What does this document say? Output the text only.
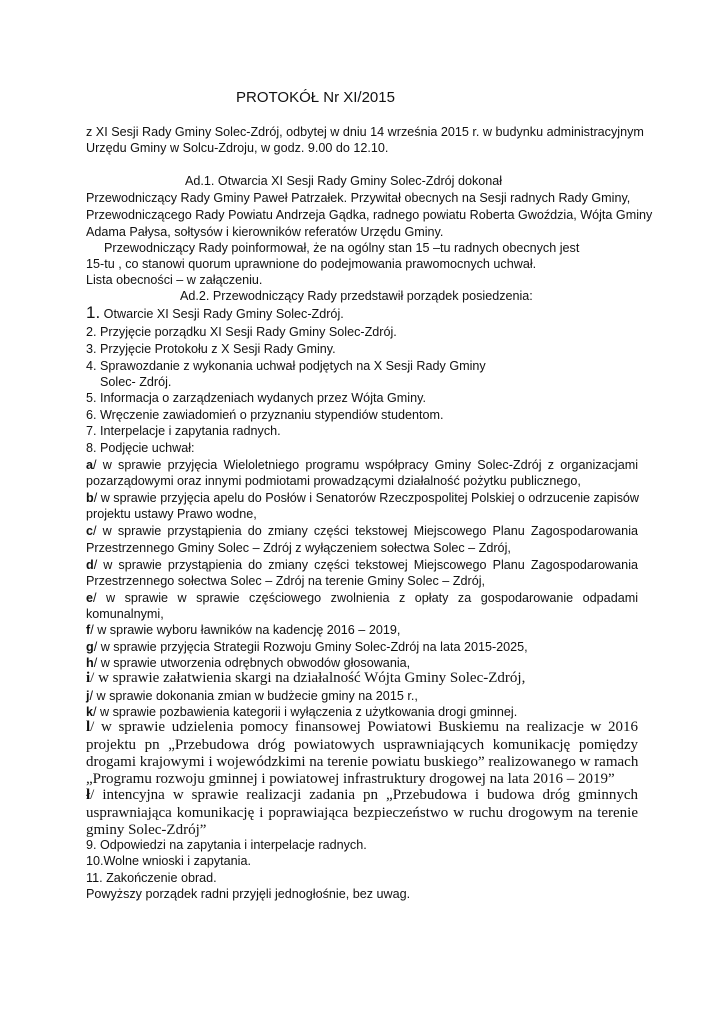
PROTOKÓŁ Nr XI/2015
z XI Sesji Rady Gminy Solec-Zdrój, odbytej w dniu 14 września 2015 r. w budynku administracyjnym
Urzędu Gminy w Solcu-Zdroju, w godz. 9.00 do 12.10.
Ad.1. Otwarcia XI Sesji Rady Gminy Solec-Zdrój dokonał
Przewodniczący Rady Gminy Paweł Patrzałek. Przywitał obecnych na Sesji radnych Rady Gminy,
Przewodniczącego Rady Powiatu Andrzeja Gądka, radnego powiatu Roberta Gwoździa, Wójta Gminy
Adama Pałysa, sołtysów i kierowników referatów Urzędu Gminy.
Przewodniczący Rady poinformował, że na ogólny stan 15 –tu radnych obecnych jest
15-tu , co stanowi quorum uprawnione do podejmowania prawomocnych uchwał.
Lista obecności – w załączeniu.
Ad.2. Przewodniczący Rady przedstawił porządek posiedzenia:
1. Otwarcie XI Sesji Rady Gminy Solec-Zdrój.
2. Przyjęcie porządku XI Sesji Rady Gminy Solec-Zdrój.
3. Przyjęcie Protokołu z X Sesji Rady Gminy.
4. Sprawozdanie z wykonania uchwał podjętych na X Sesji Rady Gminy
Solec- Zdrój.
5. Informacja o zarządzeniach wydanych przez Wójta Gminy.
6. Wręczenie zawiadomień o przyznaniu stypendiów studentom.
7. Interpelacje i zapytania radnych.
8. Podjęcie uchwał:
a/ w sprawie przyjęcia Wieloletniego programu współpracy Gminy Solec-Zdrój z organizacjami
pozarządowymi oraz innymi podmiotami prowadzącymi działalność pożytku publicznego,
b/ w sprawie przyjęcia apelu do Posłów i Senatorów Rzeczpospolitej Polskiej o odrzucenie zapisów
projektu ustawy Prawo wodne,
c/ w sprawie przystąpienia do zmiany części tekstowej Miejscowego Planu Zagospodarowania
Przestrzennego Gminy Solec – Zdrój z wyłączeniem sołectwa Solec – Zdrój,
d/ w sprawie przystąpienia do zmiany części tekstowej Miejscowego Planu Zagospodarowania
Przestrzennego sołectwa Solec – Zdrój na terenie Gminy Solec – Zdrój,
e/ w sprawie w sprawie częściowego zwolnienia z opłaty za gospodarowanie odpadami
komunalnymi,
f/ w sprawie wyboru ławników na kadencję 2016 – 2019,
g/ w sprawie przyjęcia Strategii Rozwoju Gminy Solec-Zdrój na lata 2015-2025,
h/ w sprawie utworzenia odrębnych obwodów głosowania,
i/ w sprawie załatwienia skargi na działalność Wójta Gminy Solec-Zdrój,
j/ w sprawie dokonania zmian w budżecie gminy na 2015 r.,
k/ w sprawie pozbawienia kategorii i wyłączenia z użytkowania drogi gminnej.
l/ w sprawie udzielenia pomocy finansowej Powiatowi Buskiemu na realizacje w 2016
projektu pn „Przebudowa dróg powiatowych usprawniających komunikację pomiędzy
drogami krajowymi i wojewódzkimi na terenie powiatu buskiego” realizowanego w ramach
„Programu rozwoju gminnej i powiatowej infrastruktury drogowej na lata 2016 – 2019”
ł/ intencyjna w sprawie realizacji zadania pn „Przebudowa i budowa dróg gminnych
usprawniająca komunikację i poprawiająca bezpieczeństwo w ruchu drogowym na terenie
gminy Solec-Zdrój”
9. Odpowiedzi na zapytania i interpelacje radnych.
10.Wolne wnioski i zapytania.
11. Zakończenie obrad.
Powyższy porządek radni przyjęli jednogłośnie, bez uwag.
